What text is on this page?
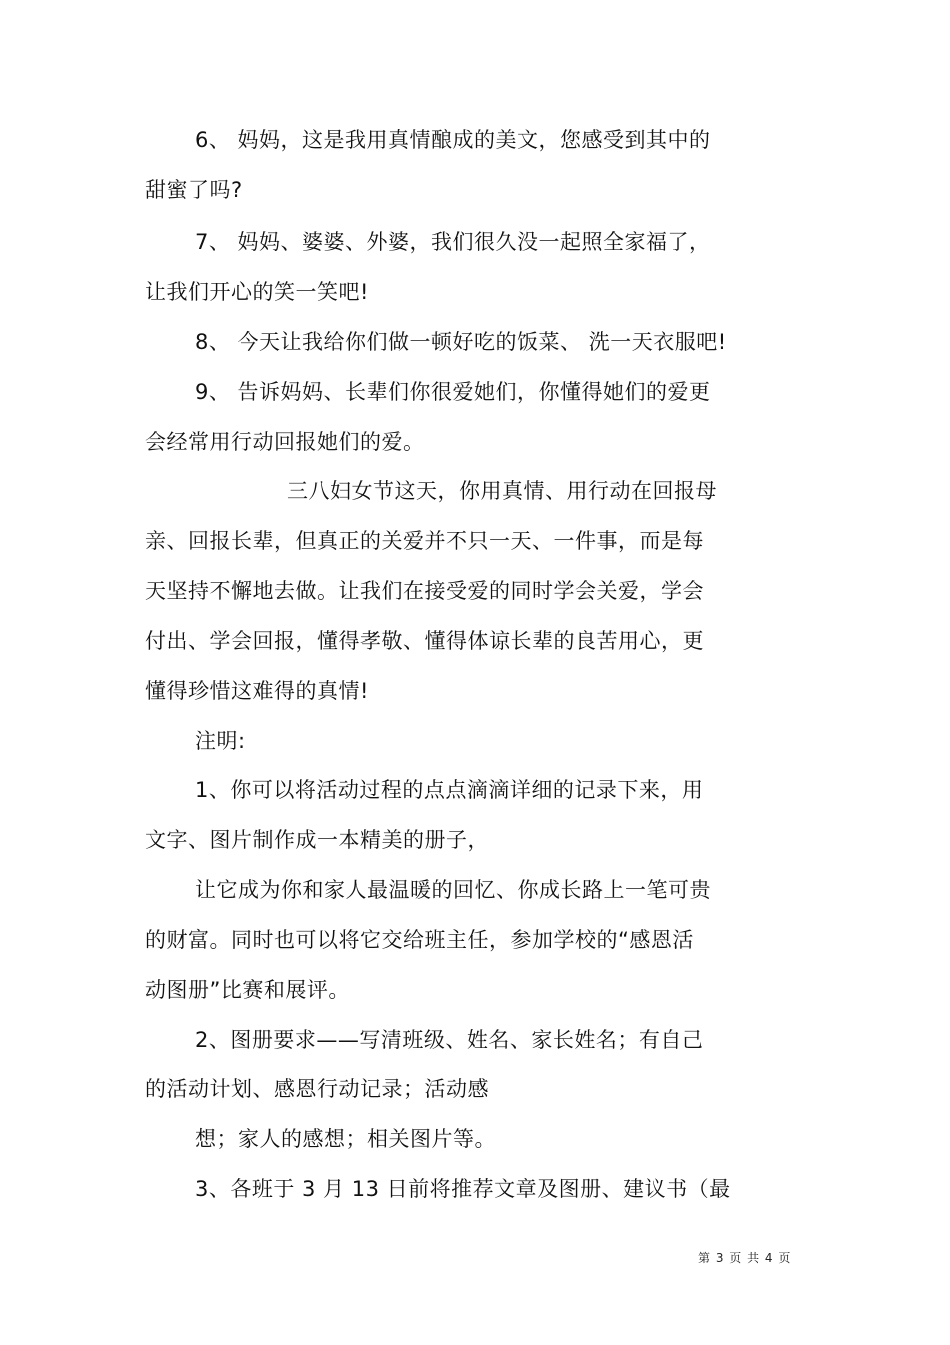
6、 妈妈，这是我用真情酿成的美文，您感受到其中的
甜蜜了吗?
7、 妈妈、婆婆、外婆，我们很久没一起照全家福了，
让我们开心的笑一笑吧!
8、 今天让我给你们做一顿好吃的饭菜、 洗一天衣服吧!
9、 告诉妈妈、长辈们你很爱她们，你懂得她们的爱更
会经常用行动回报她们的爱。
三八妇女节这天，你用真情、用行动在回报母
亲、回报长辈，但真正的关爱并不只一天、一件事，而是每
天坚持不懈地去做。让我们在接受爱的同时学会关爱，学会
付出、学会回报，懂得孝敬、懂得体谅长辈的良苦用心，更
懂得珍惜这难得的真情!
注明:
1、你可以将活动过程的点点滴滴详细的记录下来，用
文字、图片制作成一本精美的册子，
让它成为你和家人最温暖的回忆、你成长路上一笔可贵
的财富。同时也可以将它交给班主任，参加学校的“感恩活
动图册”比赛和展评。
2、图册要求——写清班级、姓名、家长姓名；有自己
的活动计划、感恩行动记录；活动感
想；家人的感想；相关图片等。
3、各班于 3 月 13 日前将推荐文章及图册、建议书（最
第 3 页 共 4 页
